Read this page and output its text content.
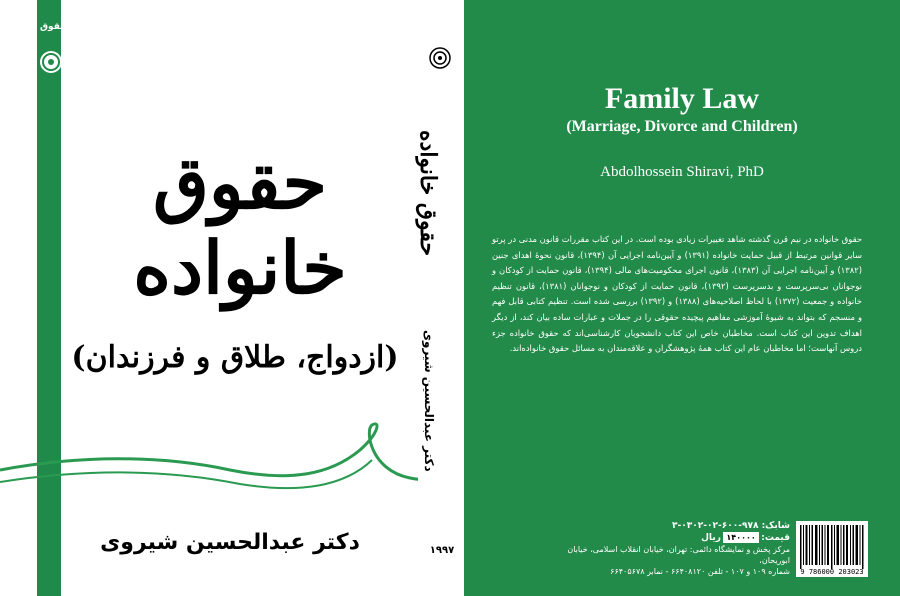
حقوق
حقوق خانواده
(ازدواج، طلاق و فرزندان)
دکتر عبدالحسین شیروی
حقوق خانواده
دکتر عبدالحسین شیروی
۱۹۹۷
Family Law
(Marriage, Divorce and Children)
Abdolhossein Shiravi, PhD
حقوق خانواده در نیم قرن گذشته شاهد تغییرات زیادی بوده است. در این کتاب مقررات قانون مدنی در پرتو سایر قوانین مرتبط از قبیل حمایت خانواده (۱۳۹۱) و آیین‌نامه اجرایی آن (۱۳۹۴)، قانون نحوهٔ اهدای جنین (۱۳۸۲) و آیین‌نامه اجرایی آن (۱۳۸۳)، قانون اجرای محکومیت‌های مالی (۱۳۹۴)، قانون حمایت از کودکان و نوجوانان بی‌سرپرست و بدسرپرست (۱۳۹۲)، قانون حمایت از کودکان و نوجوانان (۱۳۸۱)، قانون تنظیم خانواده و جمعیت (۱۳۷۲) با لحاظ اصلاحیه‌های (۱۳۸۸) و (۱۳۹۲) بررسی شده است. تنظیم کتابی قابل فهم و منسجم که بتواند به شیوهٔ آموزشی مفاهیم پیچیده حقوقی را در جملات و عبارات ساده بیان کند، از دیگر اهداف تدوین این کتاب است. مخاطبان خاص این کتاب دانشجویان کارشناسی‌اند که حقوق خانواده جزء دروس آنهاست؛ اما مخاطبان عام این کتاب همهٔ پژوهشگران و علاقه‌مندان به مسائل حقوق خانواده‌اند.
شابک: ۹۷۸-۶۰۰-۰۲-۰۳۰۲-۳
قیمت: ۱۴۰۰۰۰ ریال
مرکز پخش و نمایشگاه دائمی: تهران، خیابان انقلاب اسلامی، خیابان ابوریحان،
شماره ۱۰۹ و ۱۰۷ - تلفن ۶۶۴۰۸۱۲۰ - نمابر ۶۶۴۰۵۶۷۸	9 786000 203023
